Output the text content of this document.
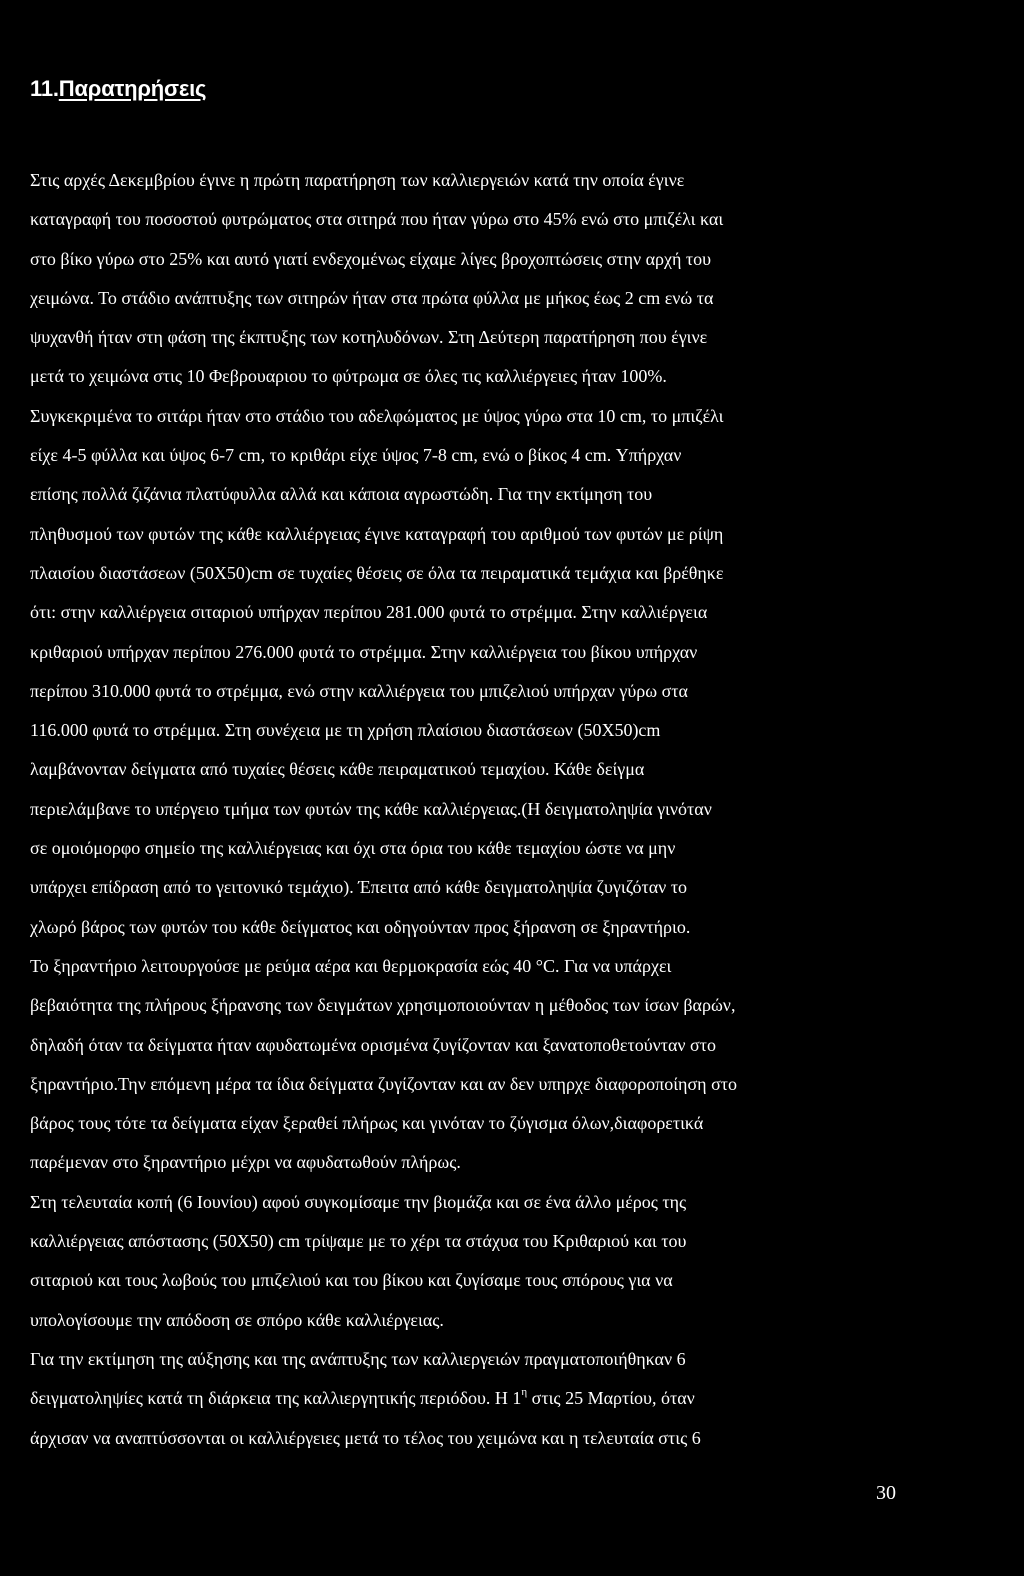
11.Παρατηρήσεις
Στις αρχές Δεκεμβρίου έγινε η πρώτη παρατήρηση των καλλιεργειών κατά την οποία έγινε
καταγραφή του ποσοστού φυτρώματος στα σιτηρά που ήταν γύρω στο 45% ενώ στο μπιζέλι και
στο βίκο γύρω στο 25% και αυτό γιατί ενδεχομένως είχαμε λίγες βροχοπτώσεις στην αρχή του
χειμώνα. Το στάδιο ανάπτυξης των σιτηρών ήταν στα πρώτα φύλλα με μήκος έως 2 cm ενώ τα
ψυχανθή ήταν στη φάση της έκπτυξης των κοτηλυδόνων. Στη Δεύτερη παρατήρηση που έγινε
μετά το χειμώνα στις 10 Φεβρουαριου το φύτρωμα σε όλες τις καλλιέργειες ήταν 100%.
Συγκεκριμένα το σιτάρι ήταν στο στάδιο του αδελφώματος με ύψος γύρω στα 10 cm, το μπιζέλι
είχε 4-5 φύλλα και ύψος 6-7 cm, το κριθάρι είχε ύψος 7-8 cm, ενώ ο βίκος 4 cm. Υπήρχαν
επίσης πολλά ζιζάνια πλατύφυλλα αλλά και κάποια αγρωστώδη. Για την εκτίμηση του
πληθυσμού των φυτών της κάθε καλλιέργειας έγινε καταγραφή του αριθμού των φυτών με ρίψη
πλαισίου διαστάσεων (50Χ50)cm σε τυχαίες θέσεις σε όλα τα πειραματικά τεμάχια και βρέθηκε
ότι: στην καλλιέργεια σιταριού υπήρχαν περίπου 281.000 φυτά το στρέμμα. Στην καλλιέργεια
κριθαριού υπήρχαν περίπου 276.000 φυτά το στρέμμα. Στην καλλιέργεια του βίκου υπήρχαν
περίπου 310.000 φυτά το στρέμμα, ενώ στην καλλιέργεια του μπιζελιού υπήρχαν γύρω στα
116.000 φυτά το στρέμμα. Στη συνέχεια με τη χρήση πλαίσιου διαστάσεων (50Χ50)cm
λαμβάνονταν δείγματα από τυχαίες θέσεις κάθε πειραματικού τεμαχίου. Κάθε δείγμα
περιελάμβανε το υπέργειο τμήμα των φυτών της κάθε καλλιέργειας.(Η δειγματοληψία γινόταν
σε ομοιόμορφο σημείο της καλλιέργειας και όχι στα όρια του κάθε τεμαχίου ώστε να μην
υπάρχει επίδραση από το γειτονικό τεμάχιο). Έπειτα από κάθε δειγματοληψία ζυγιζόταν το
χλωρό βάρος των φυτών του κάθε δείγματος και οδηγούνταν προς ξήρανση σε ξηραντήριο.
Το ξηραντήριο λειτουργούσε με ρεύμα αέρα και θερμοκρασία εώς 40 °C. Για να υπάρχει
βεβαιότητα της πλήρους ξήρανσης των δειγμάτων χρησιμοποιούνταν η μέθοδος των ίσων βαρών,
δηλαδή όταν τα δείγματα ήταν αφυδατωμένα ορισμένα ζυγίζονταν και ξανατοποθετούνταν στο
ξηραντήριο.Την επόμενη μέρα τα ίδια δείγματα ζυγίζονταν και αν δεν υπηρχε διαφοροποίηση στο
βάρος τους τότε τα δείγματα είχαν ξεραθεί πλήρως και γινόταν το ζύγισμα όλων,διαφορετικά
παρέμεναν στο ξηραντήριο μέχρι να αφυδατωθούν πλήρως.
Στη τελευταία κοπή (6 Ιουνίου) αφού συγκομίσαμε την βιομάζα και σε ένα άλλο μέρος της
καλλιέργειας απόστασης (50Χ50) cm τρίψαμε με το χέρι τα στάχυα του Κριθαριού και του
σιταριού και τους λωβούς του μπιζελιού και του βίκου και ζυγίσαμε τους σπόρους για να
υπολογίσουμε την απόδοση σε σπόρο κάθε καλλιέργειας.
Για την εκτίμηση της αύξησης και της ανάπτυξης των καλλιεργειών πραγματοποιήθηκαν 6
δειγματοληψίες κατά τη διάρκεια της καλλιεργητικής περιόδου. Η $1^\eta$ στις 25 Μαρτίου, όταν
άρχισαν να αναπτύσσονται οι καλλιέργειες μετά το τέλος του χειμώνα και η τελευταία στις 6
30
